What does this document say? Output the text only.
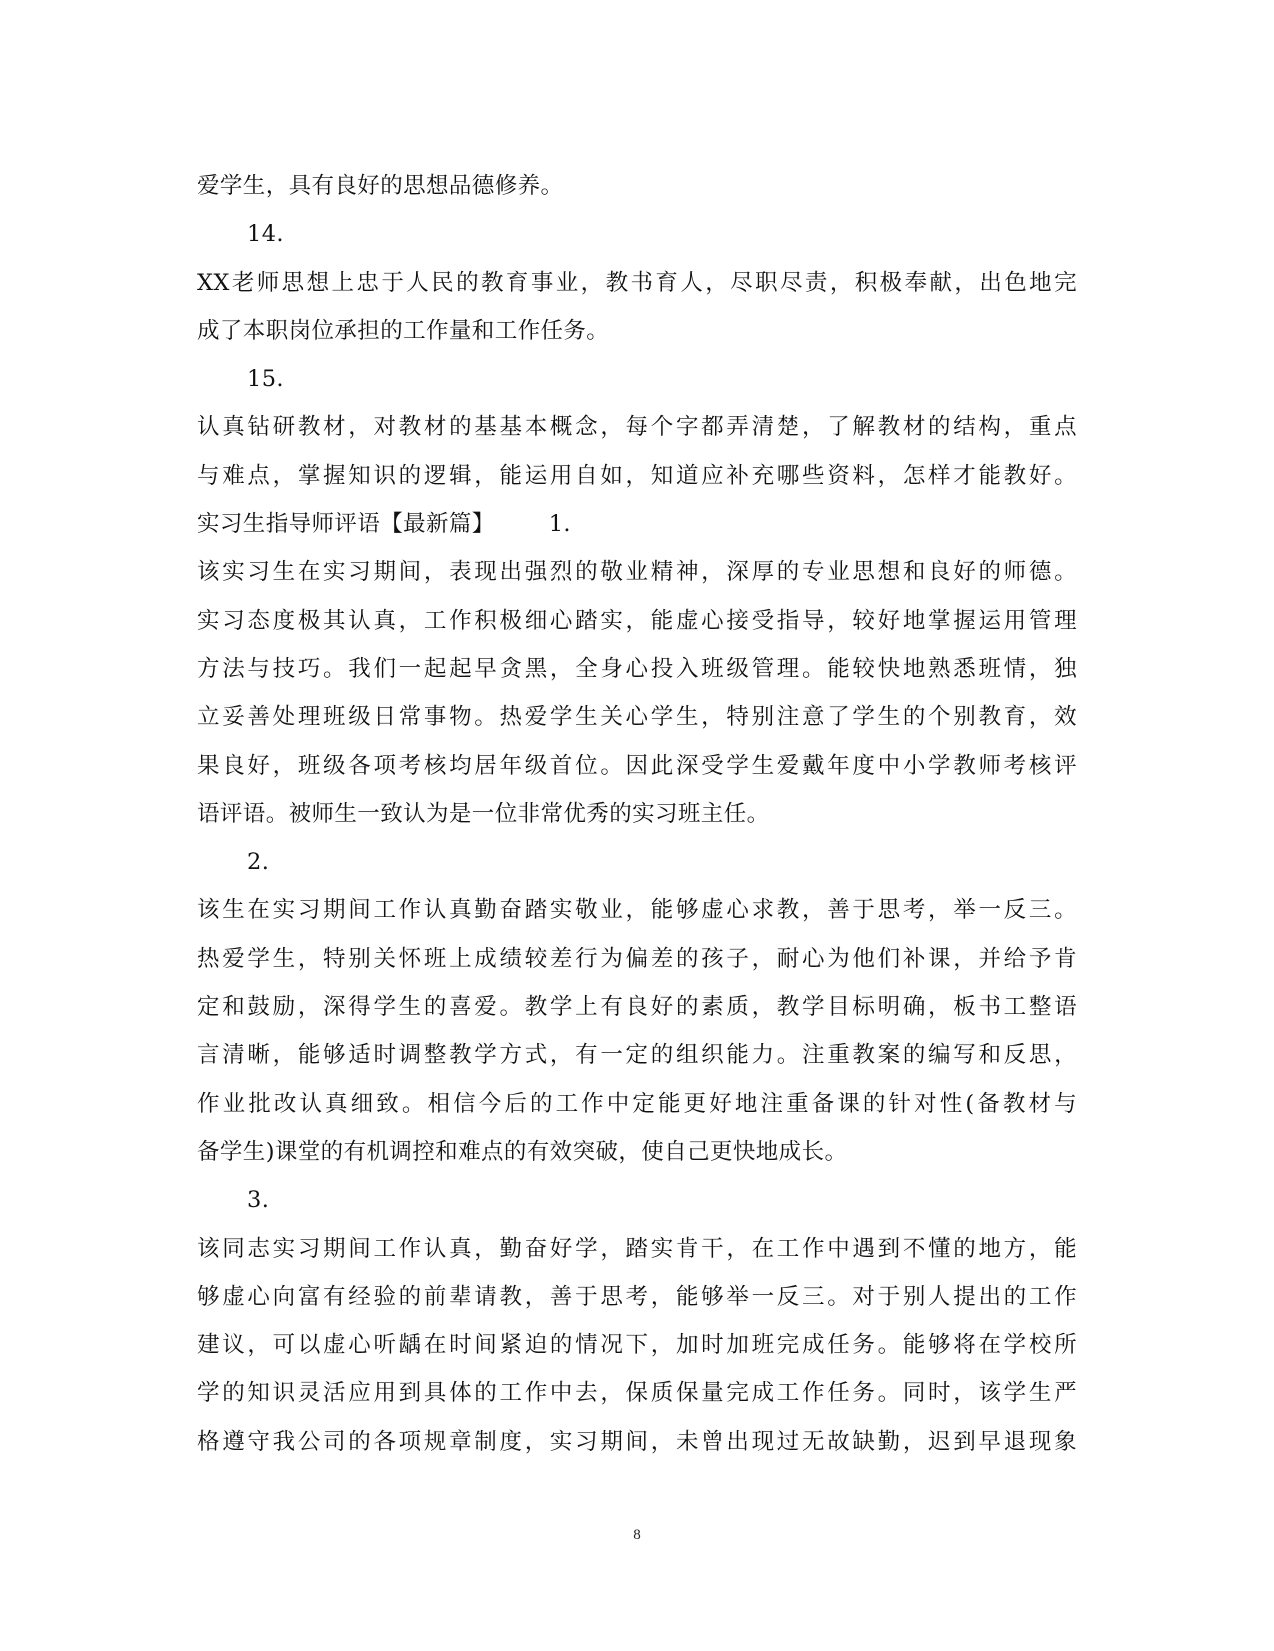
爱学生，具有良好的思想品德修养。
14.
XX老师思想上忠于人民的教育事业，教书育人，尽职尽责，积极奉献，出色地完
成了本职岗位承担的工作量和工作任务。
15.
认真钻研教材，对教材的基基本概念，每个字都弄清楚，了解教材的结构，重点
与难点，掌握知识的逻辑，能运用自如，知道应补充哪些资料，怎样才能教好。
实习生指导师评语【最新篇】 1.
该实习生在实习期间，表现出强烈的敬业精神，深厚的专业思想和良好的师德。
实习态度极其认真，工作积极细心踏实，能虚心接受指导，较好地掌握运用管理
方法与技巧。我们一起起早贪黑，全身心投入班级管理。能较快地熟悉班情，独
立妥善处理班级日常事物。热爱学生关心学生，特别注意了学生的个别教育，效
果良好，班级各项考核均居年级首位。因此深受学生爱戴年度中小学教师考核评
语评语。被师生一致认为是一位非常优秀的实习班主任。
2.
该生在实习期间工作认真勤奋踏实敬业，能够虚心求教，善于思考，举一反三。
热爱学生，特别关怀班上成绩较差行为偏差的孩子，耐心为他们补课，并给予肯
定和鼓励，深得学生的喜爱。教学上有良好的素质，教学目标明确，板书工整语
言清晰，能够适时调整教学方式，有一定的组织能力。注重教案的编写和反思，
作业批改认真细致。相信今后的工作中定能更好地注重备课的针对性(备教材与
备学生)课堂的有机调控和难点的有效突破，使自己更快地成长。
3.
该同志实习期间工作认真，勤奋好学，踏实肯干，在工作中遇到不懂的地方，能
够虚心向富有经验的前辈请教，善于思考，能够举一反三。对于别人提出的工作
建议，可以虚心听龋在时间紧迫的情况下，加时加班完成任务。能够将在学校所
学的知识灵活应用到具体的工作中去，保质保量完成工作任务。同时，该学生严
格遵守我公司的各项规章制度，实习期间，未曾出现过无故缺勤，迟到早退现象
8
